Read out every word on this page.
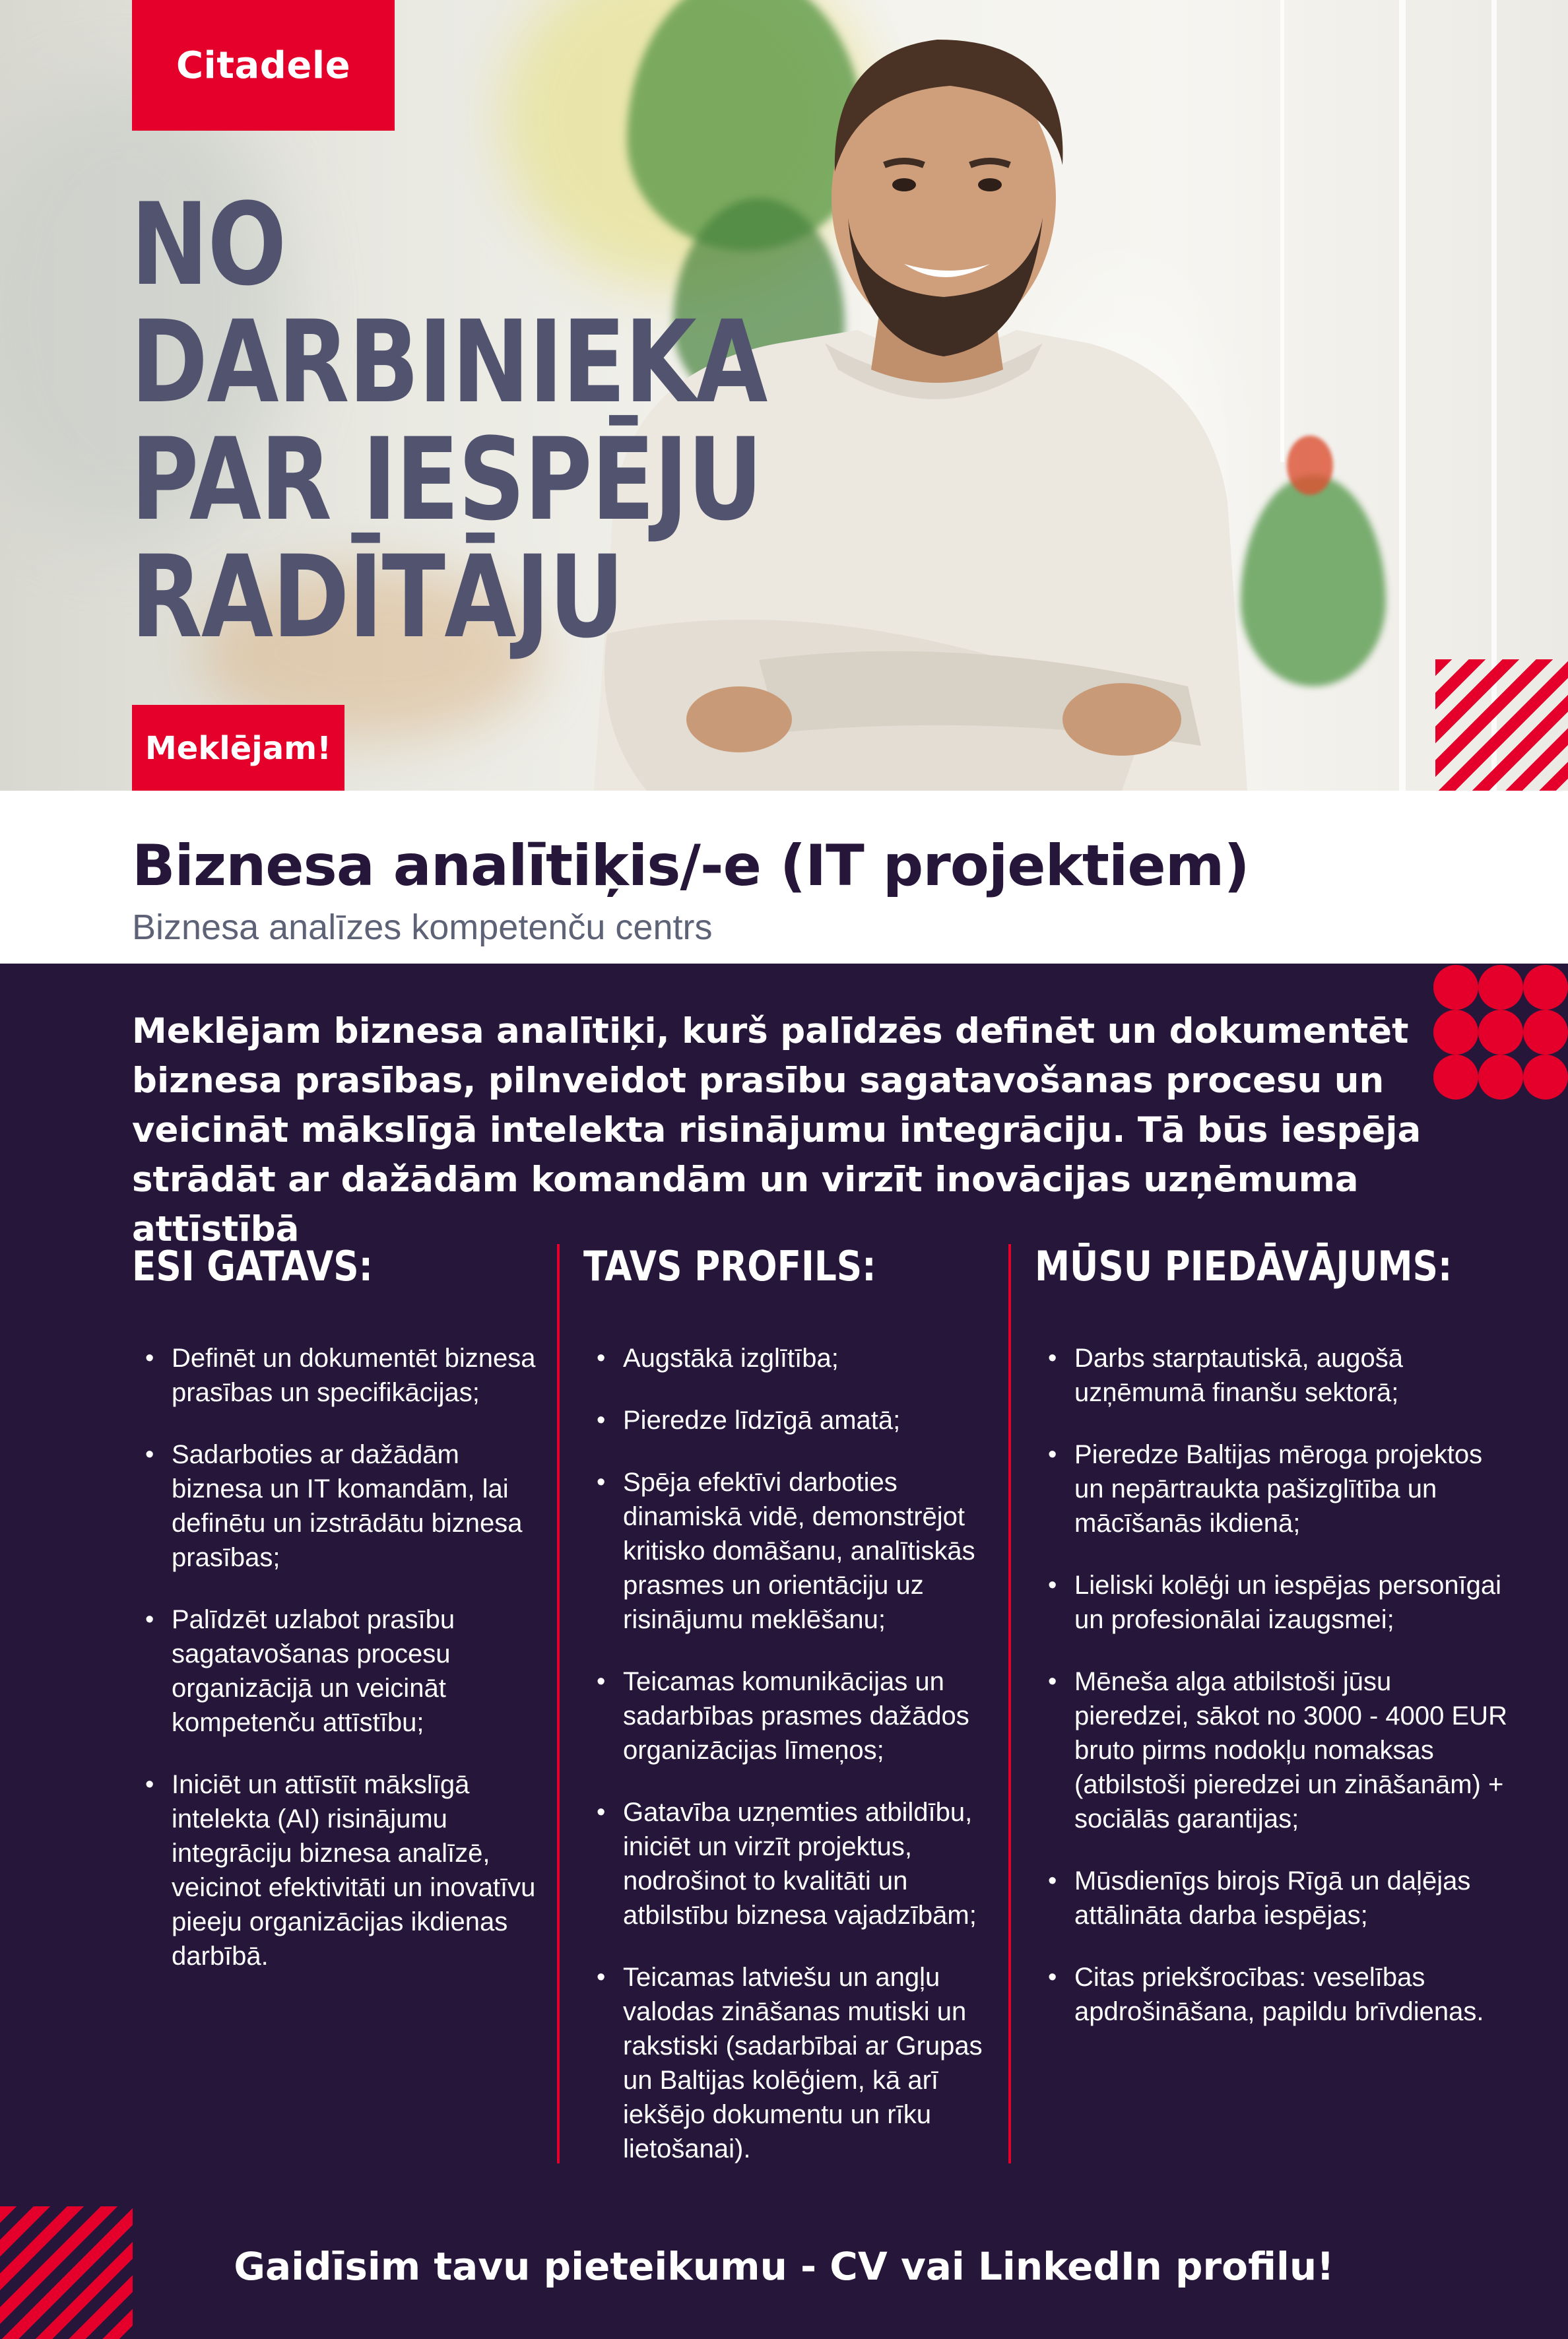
Citadele
NO
DARBINIEKA
PAR IESPĒJU
RADĪTĀJU
Meklējam!
Biznesa analītiķis/-e (IT projektiem)
Biznesa analīzes kompetenču centrs
Meklējam biznesa analītiķi, kurš palīdzēs definēt un dokumentēt biznesa prasības, pilnveidot prasību sagatavošanas procesu un veicināt mākslīgā intelekta risinājumu integrāciju. Tā būs iespēja strādāt ar dažādām komandām un virzīt inovācijas uzņēmuma attīstībā
ESI GATAVS:
• Definēt un dokumentēt biznesa prasības un specifikācijas;
• Sadarboties ar dažādām biznesa un IT komandām, lai definētu un izstrādātu biznesa prasības;
• Palīdzēt uzlabot prasību sagatavošanas procesu organizācijā un veicināt kompetenču attīstību;
• Iniciēt un attīstīt mākslīgā intelekta (AI) risinājumu integrāciju biznesa analīzē, veicinot efektivitāti un inovatīvu pieeju organizācijas ikdienas darbībā.
TAVS PROFILS:
• Augstākā izglītība;
• Pieredze līdzīgā amatā;
• Spēja efektīvi darboties dinamiskā vidē, demonstrējot kritisko domāšanu, analītiskās prasmes un orientāciju uz risinājumu meklēšanu;
• Teicamas komunikācijas un sadarbības prasmes dažādos organizācijas līmeņos;
• Gatavība uzņemties atbildību, iniciēt un virzīt projektus, nodrošinot to kvalitāti un atbilstību biznesa vajadzībām;
• Teicamas latviešu un angļu valodas zināšanas mutiski un rakstiski (sadarbībai ar Grupas un Baltijas kolēģiem, kā arī iekšējo dokumentu un rīku lietošanai).
MŪSU PIEDĀVĀJUMS:
• Darbs starptautiskā, augošā uzņēmumā finanšu sektorā;
• Pieredze Baltijas mēroga projektos un nepārtraukta pašizglītība un mācīšanās ikdienā;
• Lieliski kolēģi un iespējas personīgai un profesionālai izaugsmei;
• Mēneša alga atbilstoši jūsu pieredzei, sākot no 3000 - 4000 EUR bruto pirms nodokļu nomaksas (atbilstoši pieredzei un zināšanām) + sociālās garantijas;
• Mūsdienīgs birojs Rīgā un daļējas attālināta darba iespējas;
• Citas priekšrocības: veselības apdrošināšana, papildu brīvdienas.
Gaidīsim tavu pieteikumu - CV vai LinkedIn profilu!
